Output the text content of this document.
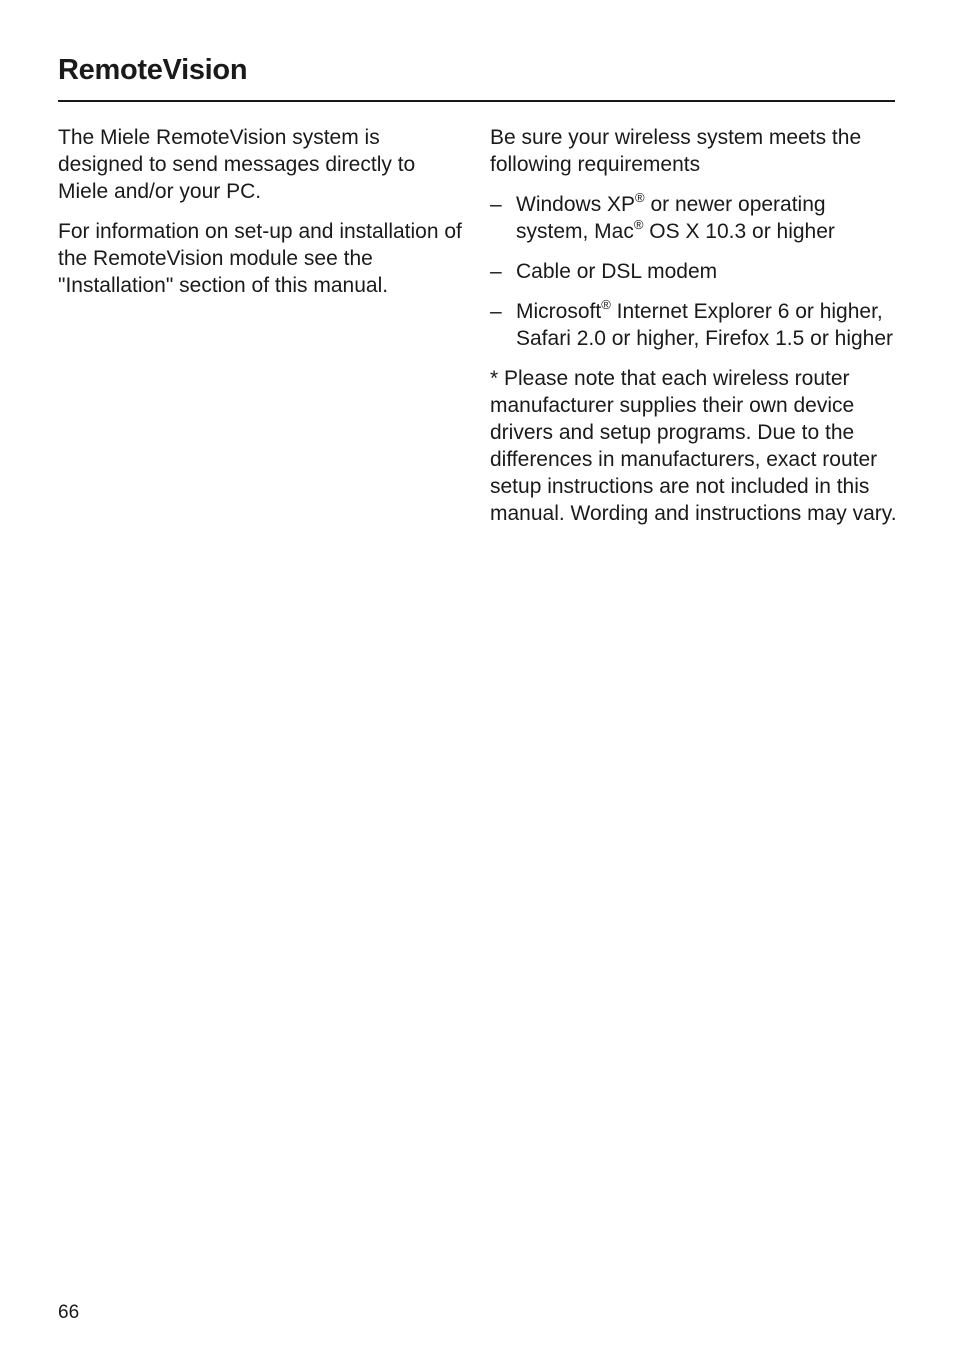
RemoteVision

The Miele RemoteVision system is designed to send messages directly to Miele and/or your PC.

For information on set-up and installation of the RemoteVision module see the "Installation" section of this manual.

Be sure your wireless system meets the following requirements

– Windows XP® or newer operating system, Mac® OS X 10.3 or higher
– Cable or DSL modem
– Microsoft® Internet Explorer 6 or higher, Safari 2.0 or higher, Firefox 1.5 or higher

* Please note that each wireless router manufacturer supplies their own device drivers and setup programs. Due to the differences in manufacturers, exact router setup instructions are not included in this manual. Wording and instructions may vary.

66
